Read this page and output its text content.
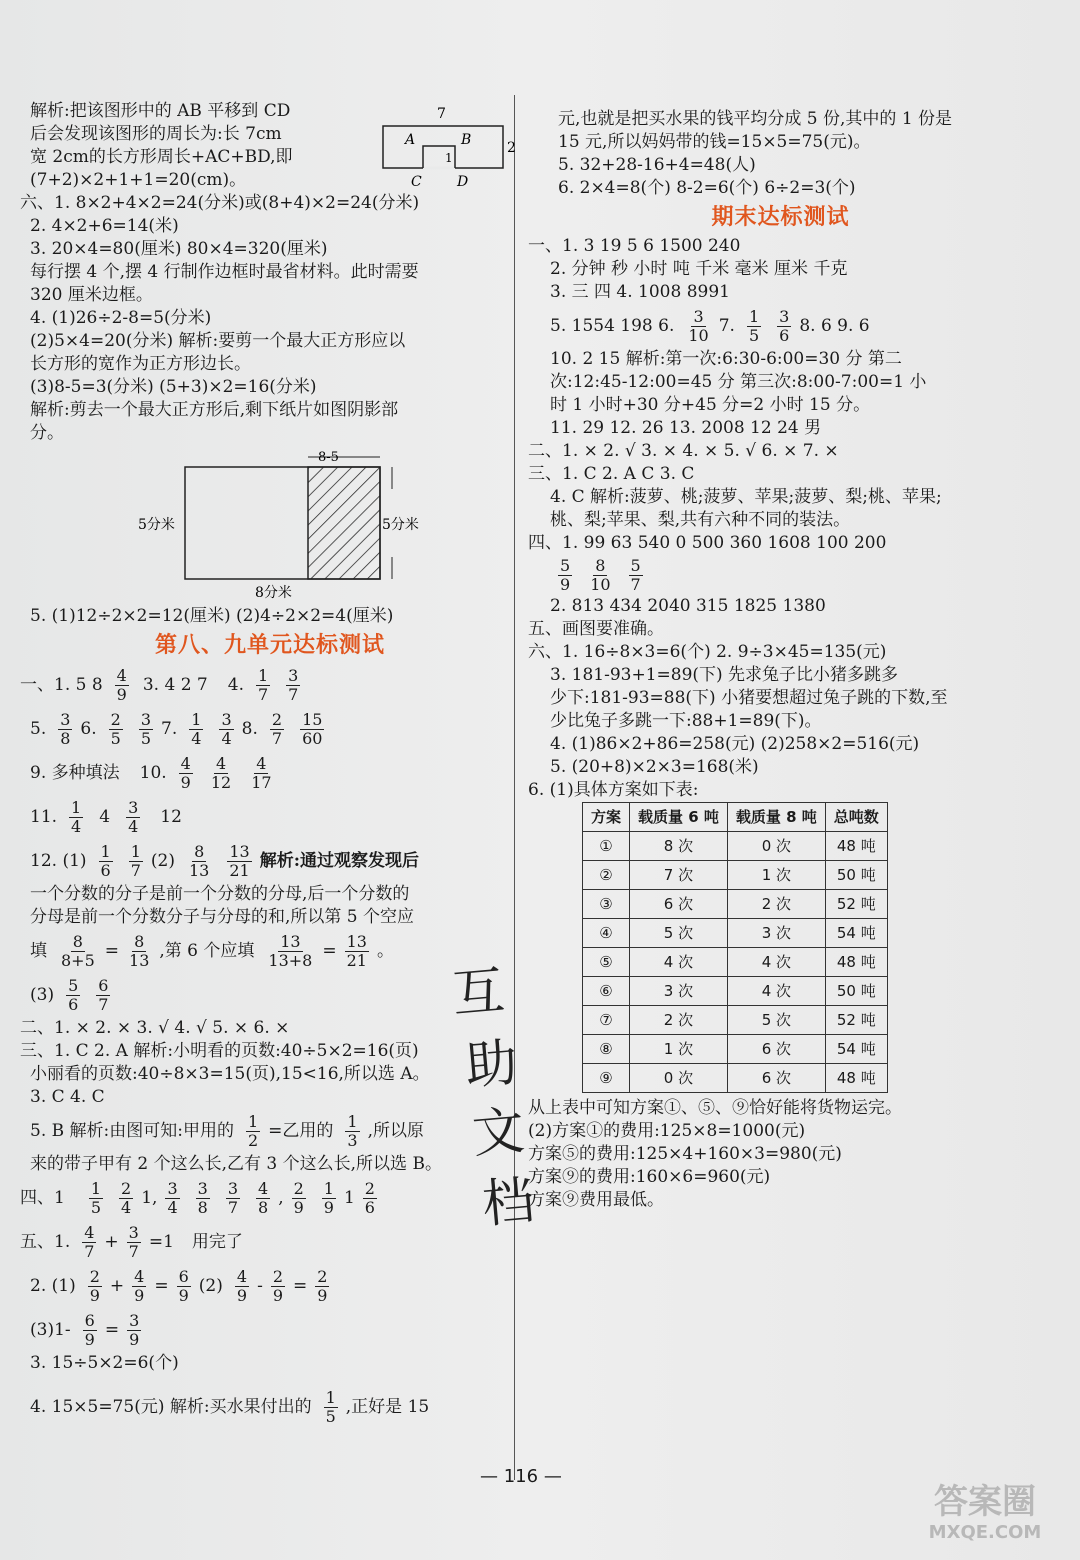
解析:把该图形中的 AB 平移到 CD
后会发现该图形的周长为:长 7cm
宽 2cm的长方形周长+AC+BD,即
(7+2)×2+1+1=20(cm)。
7
A	B
C	D
1
2
六、1. 8×2+4×2=24(分米)或(8+4)×2=24(分米)
2. 4×2+6=14(米)
3. 20×4=80(厘米) 80×4=320(厘米)
每行摆 4 个,摆 4 行制作边框时最省材料。此时需要
320 厘米边框。
4. (1)26÷2-8=5(分米)
(2)5×4=20(分米) 解析:要剪一个最大正方形应以
长方形的宽作为正方形边长。
(3)8-5=3(分米) (5+3)×2=16(分米)
解析:剪去一个最大正方形后,剩下纸片如图阴影部
分。
8-5
5分米	5分米
8分米
5. (1)12÷2×2=12(厘米) (2)4÷2×2=4(厘米)
第八、九单元达标测试
一、1. 5 $8 \frac{4}{9} 3$. 4 2 7 4. $\frac{1}{7} \frac{3}{7}$
5. $\frac{3}{8} 6$. $\frac{2}{5} \frac{3}{5} 7$. $\frac{1}{4} \frac{3}{4} 8$. $\frac{2}{7} \frac{15}{60}$
9. 多种填法 10. $\frac{4}{9} \frac{4}{12} \frac{4}{17}$
11. $\frac{1}{4} 4 \frac{3}{4} 12$
12. $(1) \frac{1}{6} \frac{1}{7} (2) \frac{8}{13} \frac{13}{21}$ 解析:通过观察发现后
一个分数的分子是前一个分数的分母,后一个分数的
分母是前一个分数分子与分母的和,所以第 5 个空应
填 $\frac{8}{8+5} = \frac{8}{13}$ ,第 6 个应填 $\frac{13}{13+8} = \frac{13}{21}$ 。
$(3) \frac{5}{6} \frac{6}{7}$
二、1. × 2. × 3. √ 4. √ 5. × 6. ×
三、1. C 2. A 解析:小明看的页数:40÷5×2=16(页)
小丽看的页数:40÷8×3=15(页),15<16,所以选 A。
3. C 4. C
5. B 解析:由图可知:甲用的 $\frac{1}{2}$ =乙用的 $\frac{1}{3}$ ,所以原
来的带子甲有 2 个这么长,乙有 3 个这么长,所以选 B。
四、$1 \frac{1}{5} \frac{2}{4} 1$, $\frac{3}{4} \frac{3}{8} \frac{3}{7} \frac{4}{8}$ , $\frac{2}{9} \frac{1}{9} 1 \frac{2}{6}$
五、1. $\frac{4}{7} + \frac{3}{7} =1$ 用完了
2. $(1) \frac{2}{9} + \frac{4}{9} = \frac{6}{9} (2) \frac{4}{9} - \frac{2}{9} = \frac{2}{9}$
$(3)1- \frac{6}{9} = \frac{3}{9}$
3. 15÷5×2=6(个)
4. 15×5=75(元) 解析:买水果付出的 $\frac{1}{5}$ ,正好是 15
元,也就是把买水果的钱平均分成 5 份,其中的 1 份是
15 元,所以妈妈带的钱=15×5=75(元)。
5. 32+28-16+4=48(人)
6. 2×4=8(个) 8-2=6(个) 6÷2=3(个)
期末达标测试
一、1. 3 19 5 6 1500 240
2. 分钟 秒 小时 吨 千米 毫米 厘米 千克
3. 三 四 4. 1008 8991
5. 1554 198 6. $\frac{3}{10} 7$. $\frac{1}{5} \frac{3}{6} 8$. 6 9. 6
10. 2 15 解析:第一次:6:30-6:00=30 分 第二
次:12:45-12:00=45 分 第三次:8:00-7:00=1 小
时 1 小时+30 分+45 分=2 小时 15 分。
11. 29 12. 26 13. 2008 12 24 男
二、1. × 2. √ 3. × 4. × 5. √ 6. × 7. ×
三、1. C 2. A C 3. C
4. C 解析:菠萝、桃;菠萝、苹果;菠萝、梨;桃、苹果;
桃、梨;苹果、梨,共有六种不同的装法。
四、1. 99 63 540 0 500 360 1608 100 200
$\frac{5}{9} \frac{8}{10} \frac{5}{7}$
2. 813 434 2040 315 1825 1380
五、画图要准确。
六、1. 16÷8×3=6(个) 2. 9÷3×45=135(元)
3. 181-93+1=89(下) 先求兔子比小猪多跳多
少下:181-93=88(下) 小猪要想超过兔子跳的下数,至
少比兔子多跳一下:88+1=89(下)。
4. (1)86×2+86=258(元) (2)258×2=516(元)
5. (20+8)×2×3=168(米)
6. (1)具体方案如下表:
方案	载质量 6 吨	载质量 8 吨	总吨数
①	8 次	0 次	48 吨
②	7 次	1 次	50 吨
③	6 次	2 次	52 吨
④	5 次	3 次	54 吨
⑤	4 次	4 次	48 吨
⑥	3 次	4 次	50 吨
⑦	2 次	5 次	52 吨
⑧	1 次	6 次	54 吨
⑨	0 次	6 次	48 吨
从上表中可知方案①、⑤、⑨恰好能将货物运完。
(2)方案①的费用:125×8=1000(元)
方案⑤的费用:125×4+160×3=980(元)
方案⑨的费用:160×6=960(元)
方案⑨费用最低。
互
助
文
档
— 116 —
答案圈
MXQE.COM
